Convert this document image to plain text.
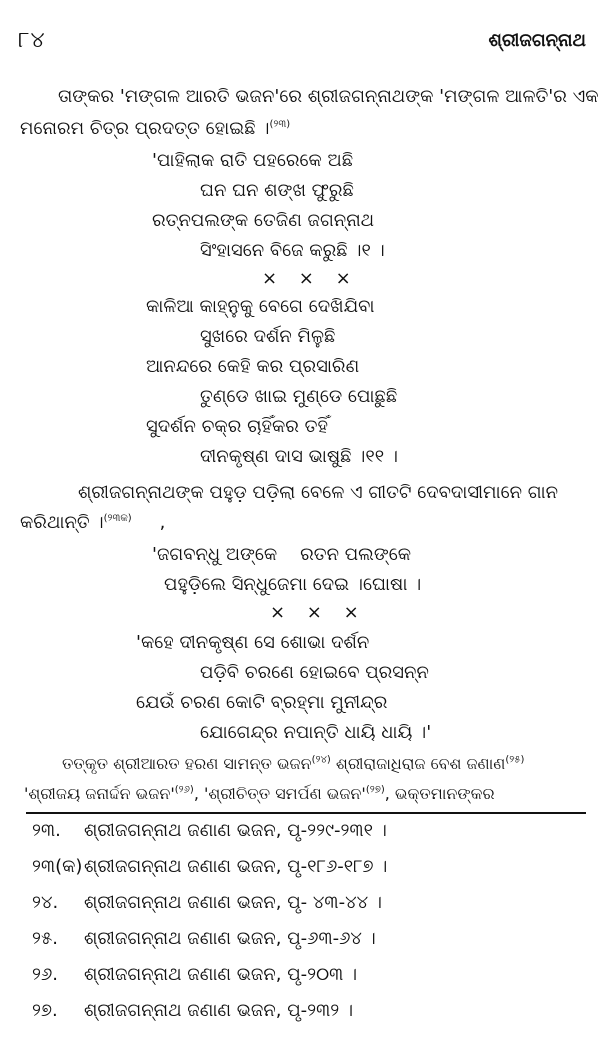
୮୪	ଶ୍ରୀଜଗନ୍ନାଥ
ତାଙ୍କର 'ମଙ୍ଗଳ ଆରତି ଭଜନ'ରେ ଶ୍ରୀଜଗନ୍ନାଥଙ୍କ 'ମଙ୍ଗଳ ଆଳତି'ର ଏକ
ମନୋରମ ଚିତ୍ର ପ୍ରଦତ୍ତ ହୋଇଛି ।$^{(୨୩)}$
'ପାହିଲାକ ରାତି ପହରେକେ ଅଛି
ଘନ ଘନ ଶଙ୍ଖ ଫୁରୁଛି
ରତ୍ନପଲଙ୍କ ତେଜିଣ ଜଗନ୍ନାଥ
ସିଂହାସନେ ବିଜେ କରୁଛି ।୧ ।
× × ×
କାଳିଆ କାହ୍ନୁକୁ ବେଗେ ଦେଖିଯିବା
ସୁଖରେ ଦର୍ଶନ ମିଳୁଛି
ଆନନ୍ଦରେ କେହି କର ପ୍ରସାରିଣ
ତୁଣ୍ଡେ ଖାଇ ମୁଣ୍ଡେ ପୋଛୁଛି
ସୁଦର୍ଶନ ଚକ୍ର ଚାହିଁକର ତହିଁ
ଦୀନକୃଷ୍ଣ ଦାସ ଭାଷୁଛି ।୧୧ ।
ଶ୍ରୀଜଗନ୍ନାଥଙ୍କ ପହୁଡ଼ ପଡ଼ିଲା ବେଳେ ଏ ଗୀତଟି ଦେବଦାସୀମାନେ ଗାନ
କରିଥାନ୍ତି ।$^{(୨୩କ)}$ ,
'ଜଗବନ୍ଧୁ ଅଙ୍କେ    ରତନ ପଲଙ୍କେ
ପହୁଡ଼ିଲେ ସିନ୍ଧୁଜେମା ଦେଇ ।ଘୋଷା ।
× × ×
'କହେ ଦୀନକୃଷ୍ଣ ସେ ଶୋଭା ଦର୍ଶନ
ପଡ଼ିବି ଚରଣେ ହୋଇବେ ପ୍ରସନ୍ନ
ଯେଉଁ ଚରଣ କୋଟି ବ୍ରହ୍ମା ମୁନୀନ୍ଦ୍ର
ଯୋଗେନ୍ଦ୍ର ନପାନ୍ତି ଧାୟି ଧାୟି ।'
ତତ୍‌କୃତ ଶ୍ରୀଆରତ ହରଣ ସାମନ୍ତ ଭଜନ$^{(୨୪)}$ ଶ୍ରୀରାଜାଧିରାଜ ବେଶ ଜଣାଣ$^{(୨୫)}$
'ଶ୍ରୀଜୟ ଜନାର୍ଦ୍ଦନ $ଭଜନ'^{(୨୬)}$, 'ଶ୍ରୀଚିତ୍ତ ସମର୍ପଣ $ଭଜନ'^{(୨୭)}$, ଭକ୍ତମାନଙ୍କର
୨୩. ଶ୍ରୀଜଗନ୍ନାଥ ଜଣାଣ ଭଜନ, ପୃ-୨୨୯-୨୩୧ ।
୨୩(କ)ଶ୍ରୀଜଗନ୍ନାଥ ଜଣାଣ ଭଜନ, ପୃ-୧୮୬-୧୮୭ ।
୨୪. ଶ୍ରୀଜଗନ୍ନାଥ ଜଣାଣ ଭଜନ, ପୃ- ୪୩-୪୪ ।
୨୫. ଶ୍ରୀଜଗନ୍ନାଥ ଜଣାଣ ଭଜନ, ପୃ-୬୩-୬୪ ।
୨୬. ଶ୍ରୀଜଗନ୍ନାଥ ଜଣାଣ ଭଜନ, ପୃ-୨୦୩ ।
୨୭. ଶ୍ରୀଜଗନ୍ନାଥ ଜଣାଣ ଭଜନ, ପୃ-୨୩୨ ।
